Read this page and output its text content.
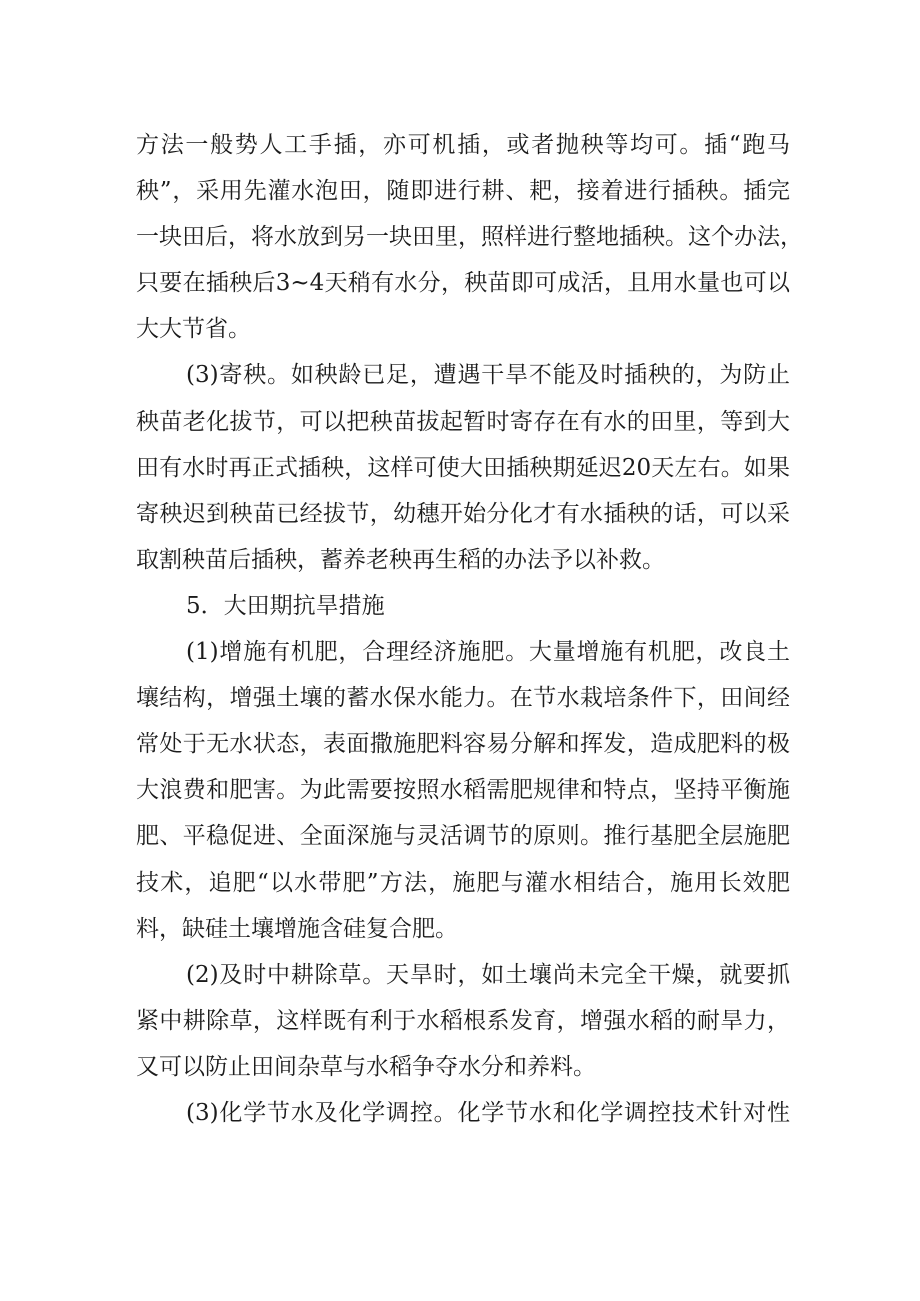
方法一般势人工手插，亦可机插，或者抛秧等均可。插“跑马
秧”，采用先灌水泡田，随即进行耕、耙，接着进行插秧。插完
一块田后，将水放到另一块田里，照样进行整地插秧。这个办法，
只要在插秧后3~4天稍有水分，秧苗即可成活，且用水量也可以
大大节省。
(3)寄秧。如秧龄已足，遭遇干旱不能及时插秧的，为防止
秧苗老化拔节，可以把秧苗拔起暂时寄存在有水的田里，等到大
田有水时再正式插秧，这样可使大田插秧期延迟20天左右。如果
寄秧迟到秧苗已经拔节，幼穗开始分化才有水插秧的话，可以采
取割秧苗后插秧，蓄养老秧再生稻的办法予以补救。
5．大田期抗旱措施
(1)增施有机肥，合理经济施肥。大量增施有机肥，改良土
壤结构，增强土壤的蓄水保水能力。在节水栽培条件下，田间经
常处于无水状态，表面撒施肥料容易分解和挥发，造成肥料的极
大浪费和肥害。为此需要按照水稻需肥规律和特点，坚持平衡施
肥、平稳促进、全面深施与灵活调节的原则。推行基肥全层施肥
技术，追肥“以水带肥”方法，施肥与灌水相结合，施用长效肥
料，缺硅土壤增施含硅复合肥。
(2)及时中耕除草。天旱时，如土壤尚未完全干燥，就要抓
紧中耕除草，这样既有利于水稻根系发育，增强水稻的耐旱力，
又可以防止田间杂草与水稻争夺水分和养料。
(3)化学节水及化学调控。化学节水和化学调控技术针对性
